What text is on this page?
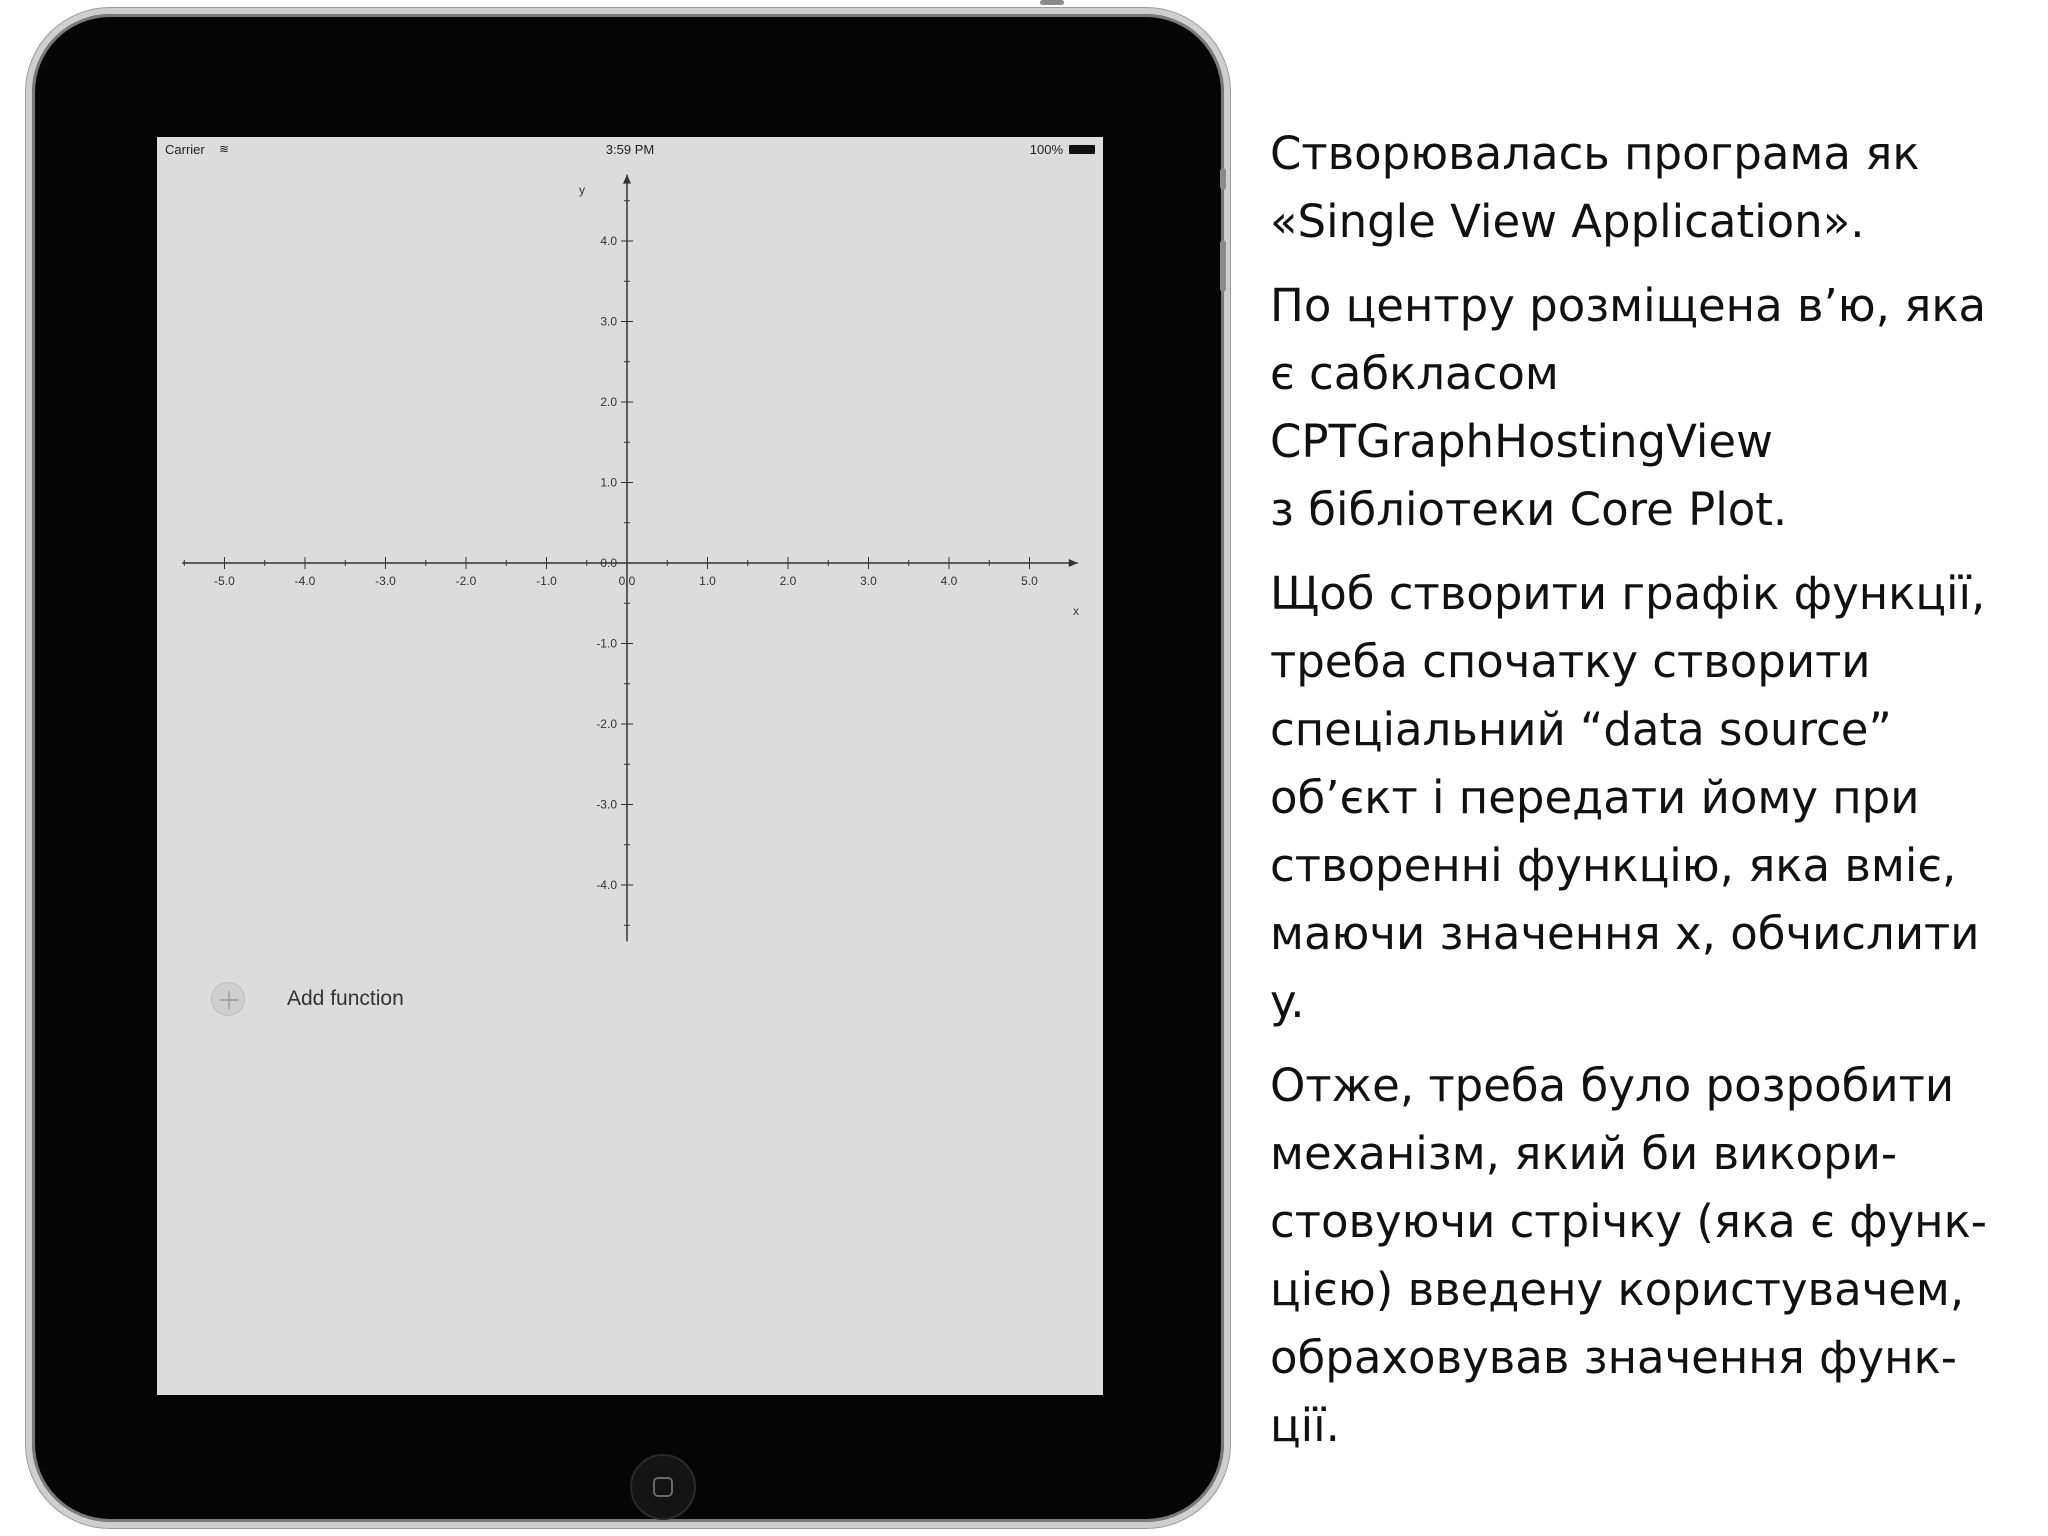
Carrier ≋	3:59 PM	100%
-5.0	-4.0	-3.0	-2.0	-1.0	0.0	1.0	2.0	3.0	4.0	5.0
4.0
3.0
2.0
1.0
0.0
-1.0
-2.0
-3.0
-4.0
y
x
Add function

Створювалась програма як
«Single View Application».

По центру розміщена в’ю, яка
є сабкласом
CPTGraphHostingView
з бібліотеки Core Plot.

Щоб створити графік функції,
треба спочатку створити
спеціальний “data source”
об’єкт і передати йому при
створенні функцію, яка вміє,
маючи значення x, обчислити
y.

Отже, треба було розробити
механізм, який би викори-
стовуючи стрічку (яка є функ-
цією) введену користувачем,
обраховував значення функ-
ції.
